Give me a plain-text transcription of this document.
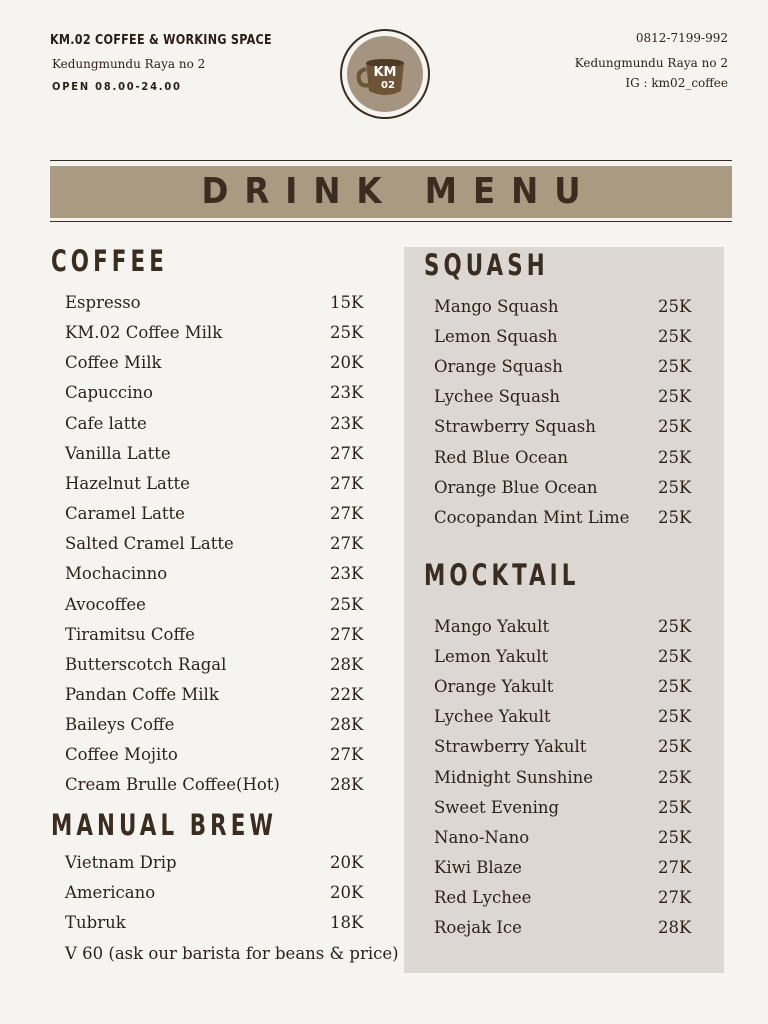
KM.02 COFFEE & WORKING SPACE
Kedungmundu Raya no 2
OPEN 08.00-24.00
0812-7199-992
Kedungmundu Raya no 2
IG : km02_coffee
KM
02
DRINK MENU
COFFEE
Espresso	15K
KM.02 Coffee Milk	25K
Coffee Milk	20K
Capuccino	23K
Cafe latte	23K
Vanilla Latte	27K
Hazelnut Latte	27K
Caramel Latte	27K
Salted Cramel Latte	27K
Mochacinno	23K
Avocoffee	25K
Tiramitsu Coffe	27K
Butterscotch Ragal	28K
Pandan Coffe Milk	22K
Baileys Coffe	28K
Coffee Mojito	27K
Cream Brulle Coffee(Hot)	28K
MANUAL BREW
Vietnam Drip	20K
Americano	20K
Tubruk	18K
V 60 (ask our barista for beans & price)
SQUASH
Mango Squash	25K
Lemon Squash	25K
Orange Squash	25K
Lychee Squash	25K
Strawberry Squash	25K
Red Blue Ocean	25K
Orange Blue Ocean	25K
Cocopandan Mint Lime 25K
MOCKTAIL
Mango Yakult	25K
Lemon Yakult	25K
Orange Yakult	25K
Lychee Yakult	25K
Strawberry Yakult	25K
Midnight Sunshine	25K
Sweet Evening	25K
Nano-Nano	25K
Kiwi Blaze	27K
Red Lychee	27K
Roejak Ice	28K
